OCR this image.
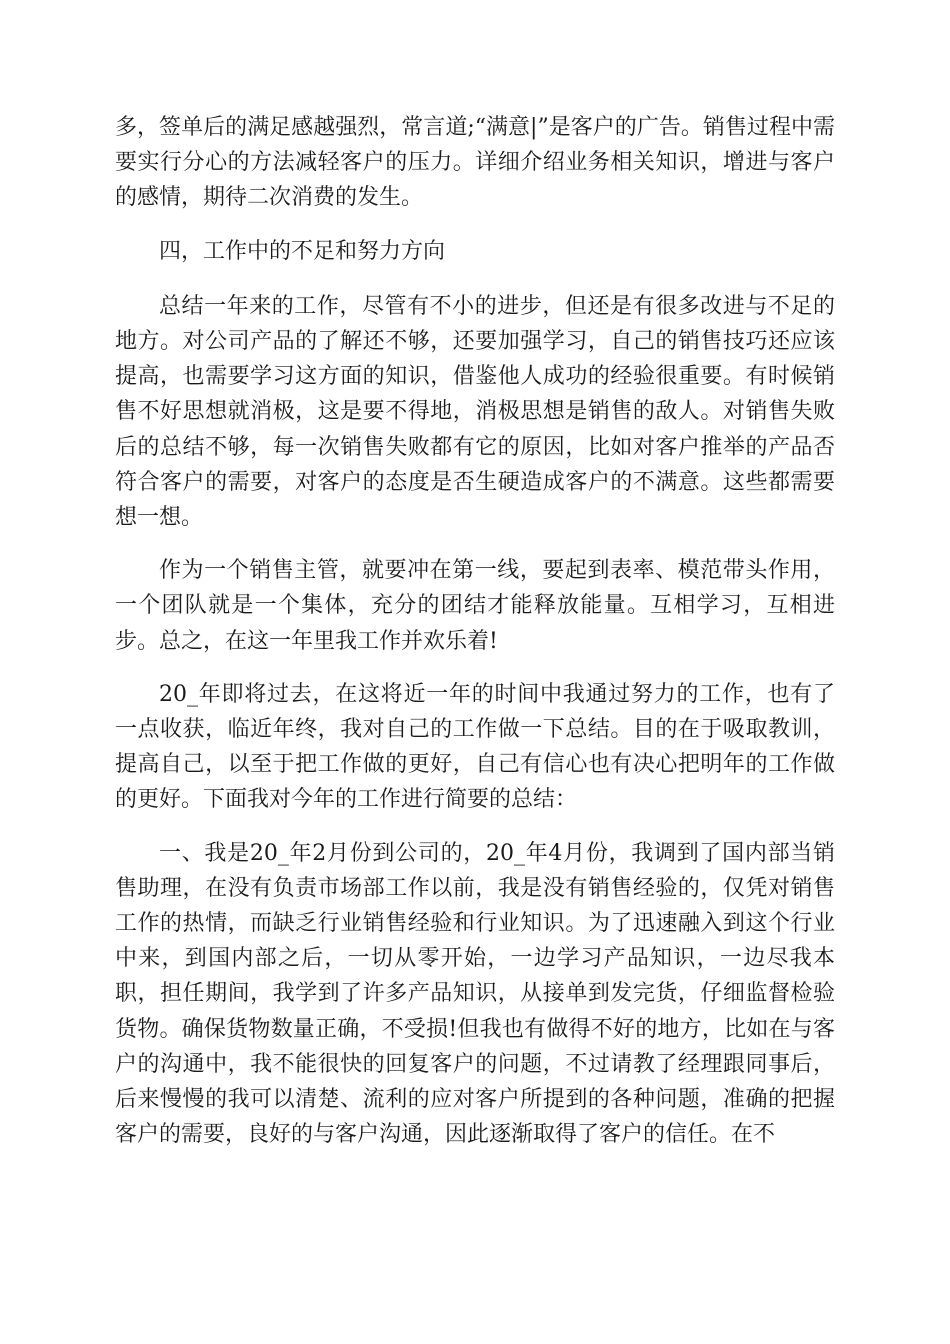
多，签单后的满足感越强烈，常言道;“满意|”是客户的广告。销售过程中需要实行分心的方法减轻客户的压力。详细介绍业务相关知识，增进与客户的感情，期待二次消费的发生。

四，工作中的不足和努力方向

总结一年来的工作，尽管有不小的进步，但还是有很多改进与不足的地方。对公司产品的了解还不够，还要加强学习，自己的销售技巧还应该提高，也需要学习这方面的知识，借鉴他人成功的经验很重要。有时候销售不好思想就消极，这是要不得地，消极思想是销售的敌人。对销售失败后的总结不够，每一次销售失败都有它的原因，比如对客户推举的产品否符合客户的需要，对客户的态度是否生硬造成客户的不满意。这些都需要想一想。

作为一个销售主管，就要冲在第一线，要起到表率、模范带头作用，一个团队就是一个集体，充分的团结才能释放能量。互相学习，互相进步。总之，在这一年里我工作并欢乐着!

20_年即将过去，在这将近一年的时间中我通过努力的工作，也有了一点收获，临近年终，我对自己的工作做一下总结。目的在于吸取教训，提高自己，以至于把工作做的更好，自己有信心也有决心把明年的工作做的更好。下面我对今年的工作进行简要的总结：

一、我是20_年2月份到公司的，20_年4月份，我调到了国内部当销售助理，在没有负责市场部工作以前，我是没有销售经验的，仅凭对销售工作的热情，而缺乏行业销售经验和行业知识。为了迅速融入到这个行业中来，到国内部之后，一切从零开始，一边学习产品知识，一边尽我本职，担任期间，我学到了许多产品知识，从接单到发完货，仔细监督检验货物。确保货物数量正确，不受损!但我也有做得不好的地方，比如在与客户的沟通中，我不能很快的回复客户的问题，不过请教了经理跟同事后，后来慢慢的我可以清楚、流利的应对客户所提到的各种问题，准确的把握客户的需要，良好的与客户沟通，因此逐渐取得了客户的信任。在不
